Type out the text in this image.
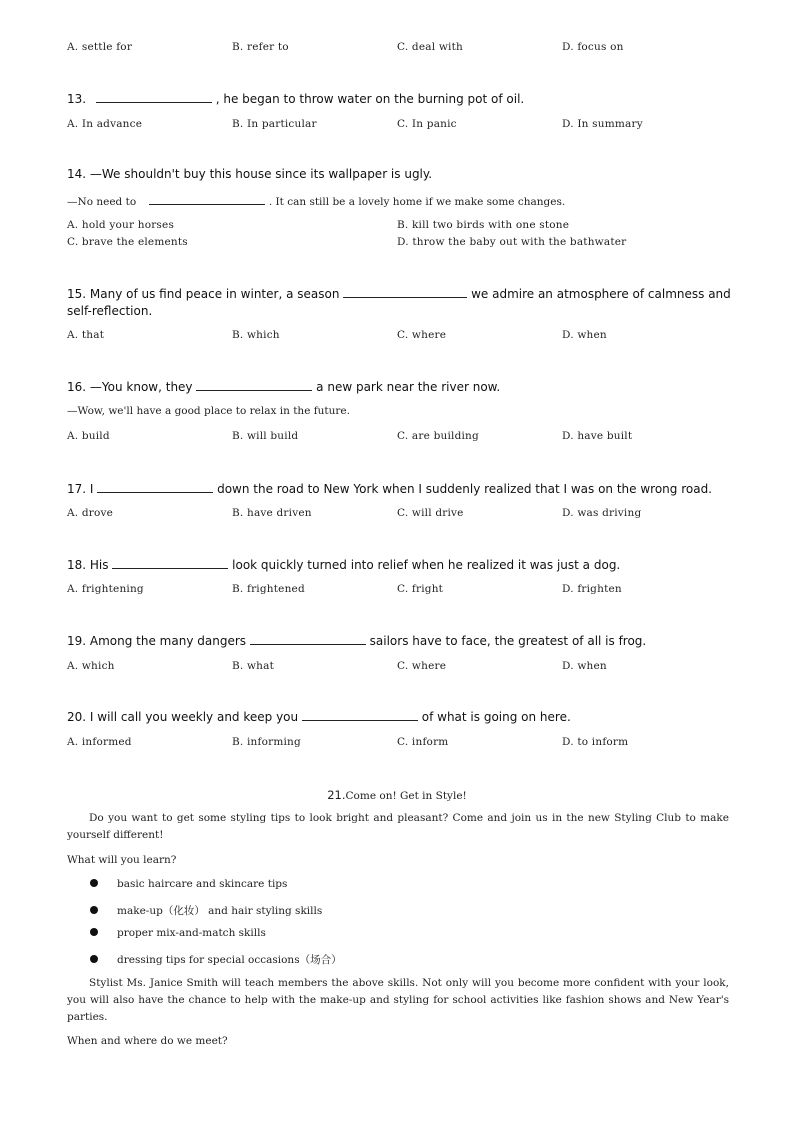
A. settle for	B. refer to	C. deal with	D. focus on
13.	, he began to throw water on the burning pot of oil.
A. In advance	B. In particular	C. In panic	D. In summary
14. —We shouldn't buy this house since its wallpaper is ugly.
—No need to	. It can still be a lovely home if we make some changes.
A. hold your horses	B. kill two birds with one stone
C. brave the elements	D. throw the baby out with the bathwater
15. Many of us find peace in winter, a season	we admire an atmosphere of calmness and self-reflection.
A. that	B. which	C. where	D. when
16. —You know, they	a new park near the river now.
—Wow, we'll have a good place to relax in the future.
A. build	B. will build	C. are building	D. have built
17. I	down the road to New York when I suddenly realized that I was on the wrong road.
A. drove	B. have driven	C. will drive	D. was driving
18. His	look quickly turned into relief when he realized it was just a dog.
A. frightening	B. frightened	C. fright	D. frighten
19. Among the many dangers	sailors have to face, the greatest of all is frog.
A. which	B. what	C. where	D. when
20. I will call you weekly and keep you	of what is going on here.
A. informed	B. informing	C. inform	D. to inform
21.Come on! Get in Style!
Do you want to get some styling tips to look bright and pleasant? Come and join us in the new Styling Club to make yourself different!
What will you learn?
basic haircare and skincare tips
make-up（化妆） and hair styling skills
proper mix-and-match skills
dressing tips for special occasions（场合）
Stylist Ms. Janice Smith will teach members the above skills. Not only will you become more confident with your look, you will also have the chance to help with the make-up and styling for school activities like fashion shows and New Year's parties.
When and where do we meet?
